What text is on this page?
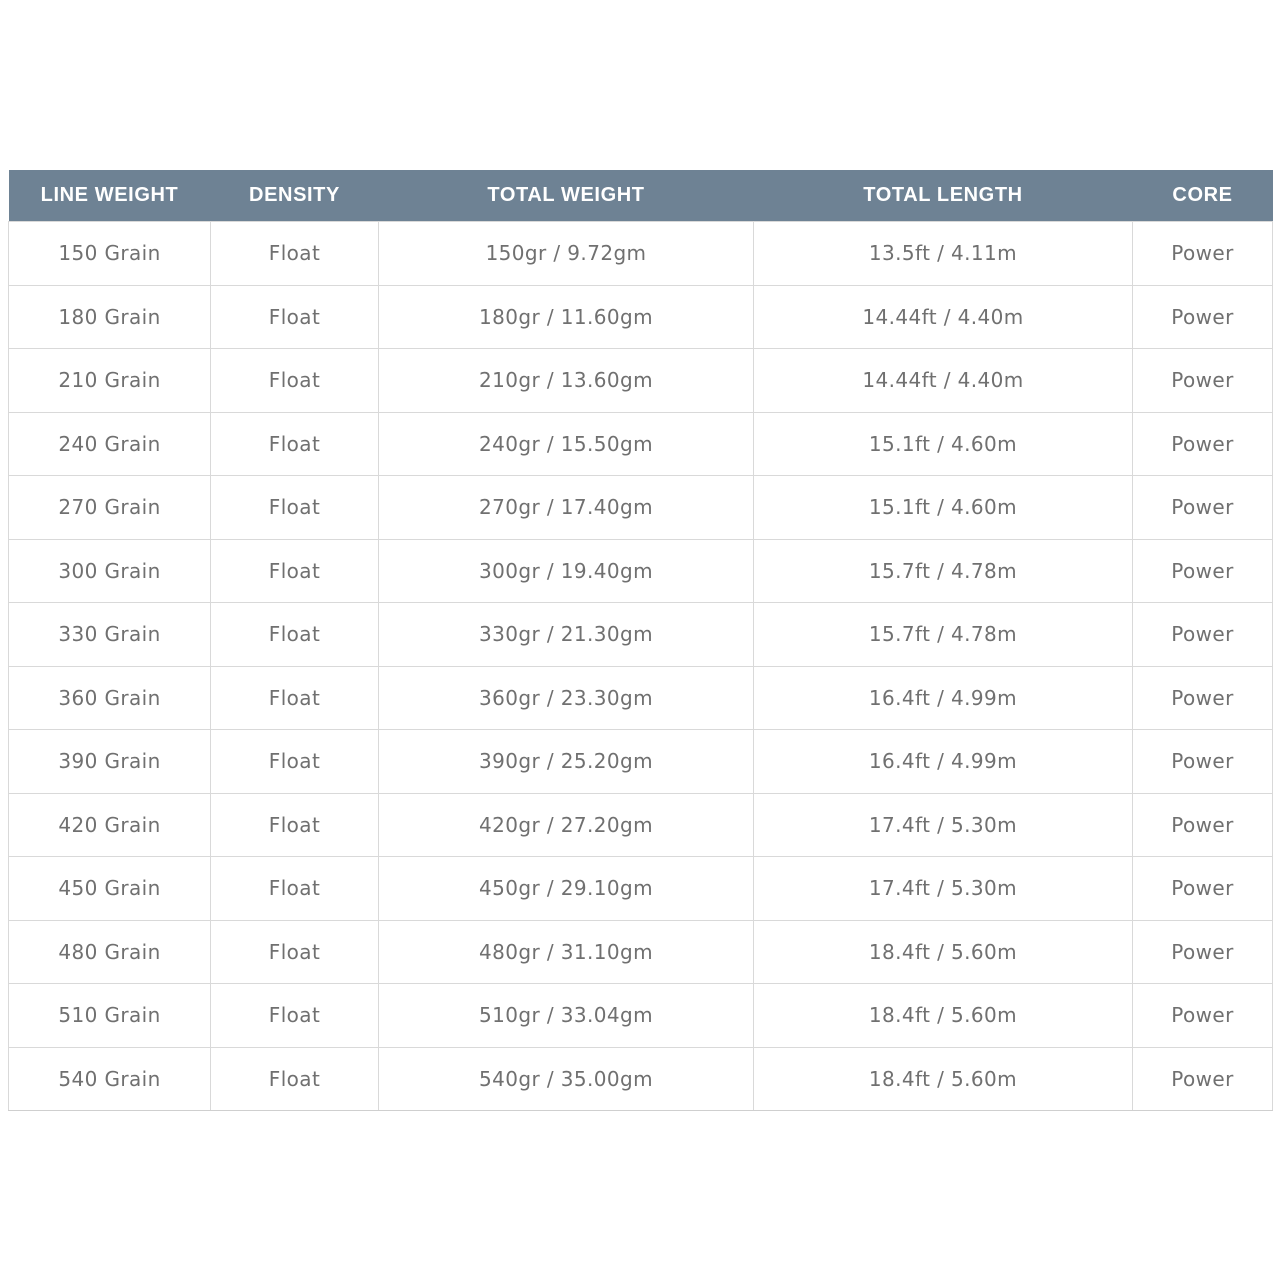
LINE WEIGHT	DENSITY	TOTAL WEIGHT	TOTAL LENGTH	CORE
150 Grain	Float	150gr / 9.72gm	13.5ft / 4.11m	Power
180 Grain	Float	180gr / 11.60gm	14.44ft / 4.40m	Power
210 Grain	Float	210gr / 13.60gm	14.44ft / 4.40m	Power
240 Grain	Float	240gr / 15.50gm	15.1ft / 4.60m	Power
270 Grain	Float	270gr / 17.40gm	15.1ft / 4.60m	Power
300 Grain	Float	300gr / 19.40gm	15.7ft / 4.78m	Power
330 Grain	Float	330gr / 21.30gm	15.7ft / 4.78m	Power
360 Grain	Float	360gr / 23.30gm	16.4ft / 4.99m	Power
390 Grain	Float	390gr / 25.20gm	16.4ft / 4.99m	Power
420 Grain	Float	420gr / 27.20gm	17.4ft / 5.30m	Power
450 Grain	Float	450gr / 29.10gm	17.4ft / 5.30m	Power
480 Grain	Float	480gr / 31.10gm	18.4ft / 5.60m	Power
510 Grain	Float	510gr / 33.04gm	18.4ft / 5.60m	Power
540 Grain	Float	540gr / 35.00gm	18.4ft / 5.60m	Power
